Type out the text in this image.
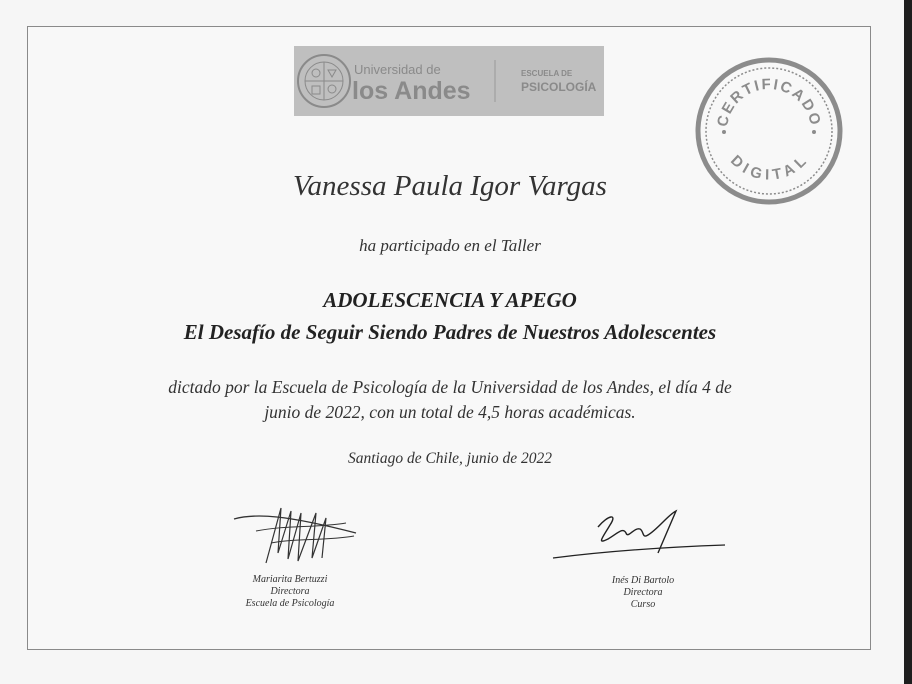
Universidad de
los Andes
ESCUELA DE
PSICOLOGÍA
CERTIFICADO
DIGITAL
Vanessa Paula Igor Vargas
ha participado en el Taller
ADOLESCENCIA Y APEGO
El Desafío de Seguir Siendo Padres de Nuestros Adolescentes
dictado por la Escuela de Psicología de la Universidad de los Andes, el día 4 de
junio de 2022, con un total de 4,5 horas académicas.
Santiago de Chile, junio de 2022
Mariarita Bertuzzi
Directora
Escuela de Psicología
Inés Di Bartolo
Directora
Curso
